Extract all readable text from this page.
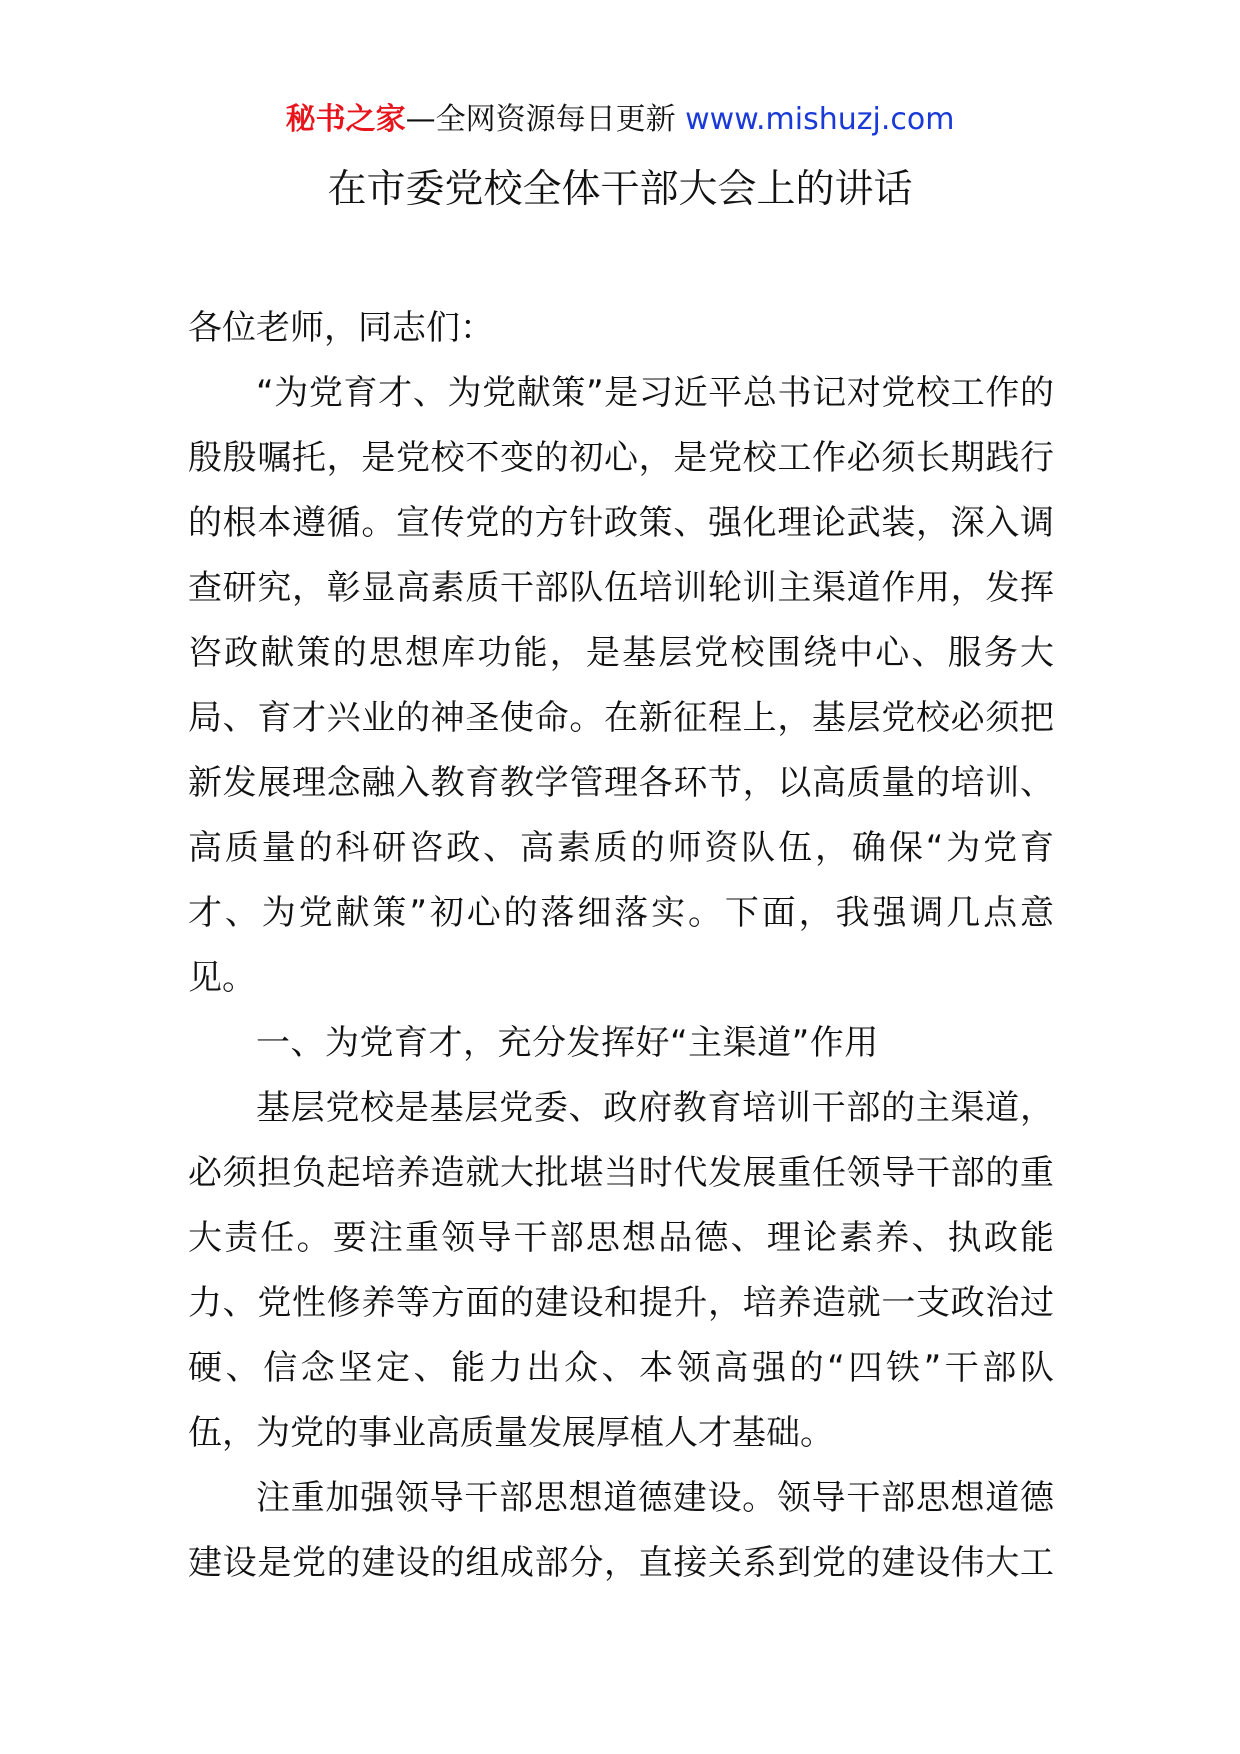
秘书之家—全网资源每日更新 www.mishuzj.com
在市委党校全体干部大会上的讲话
各位老师，同志们：
“为党育才、为党献策”是习近平总书记对党校工作的
殷殷嘱托，是党校不变的初心，是党校工作必须长期践行
的根本遵循。宣传党的方针政策、强化理论武装，深入调
查研究，彰显高素质干部队伍培训轮训主渠道作用，发挥
咨政献策的思想库功能，是基层党校围绕中心、服务大
局、育才兴业的神圣使命。在新征程上，基层党校必须把
新发展理念融入教育教学管理各环节，以高质量的培训、
高质量的科研咨政、高素质的师资队伍，确保“为党育
才、为党献策”初心的落细落实。下面，我强调几点意
见。
一、为党育才，充分发挥好“主渠道”作用
基层党校是基层党委、政府教育培训干部的主渠道，
必须担负起培养造就大批堪当时代发展重任领导干部的重
大责任。要注重领导干部思想品德、理论素养、执政能
力、党性修养等方面的建设和提升，培养造就一支政治过
硬、信念坚定、能力出众、本领高强的“四铁”干部队
伍，为党的事业高质量发展厚植人才基础。
注重加强领导干部思想道德建设。领导干部思想道德
建设是党的建设的组成部分，直接关系到党的建设伟大工
